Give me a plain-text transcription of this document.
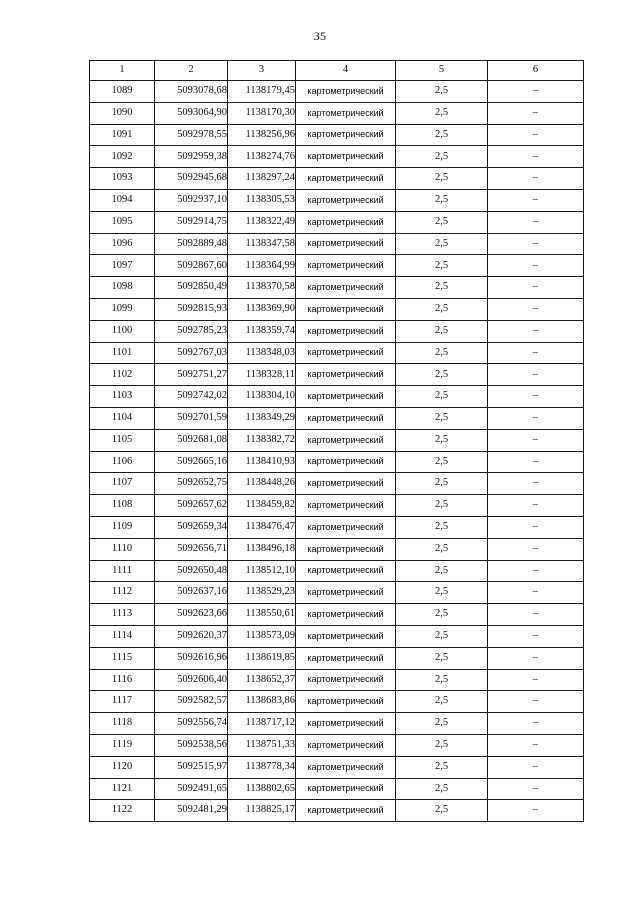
35
1	2	3	4	5	6
1089	5093078,68	1138179,45	картометрический	2,5	–
1090	5093064,90	1138170,30	картометрический	2,5	–
1091	5092978,55	1138256,96	картометрический	2,5	–
1092	5092959,38	1138274,76	картометрический	2,5	–
1093	5092945,68	1138297,24	картометрический	2,5	–
1094	5092937,10	1138305,53	картометрический	2,5	–
1095	5092914,75	1138322,49	картометрический	2,5	–
1096	5092889,48	1138347,58	картометрический	2,5	–
1097	5092867,60	1138364,99	картометрический	2,5	–
1098	5092850,49	1138370,58	картометрический	2,5	–
1099	5092815,93	1138369,90	картометрический	2,5	–
1100	5092785,23	1138359,74	картометрический	2,5	–
1101	5092767,03	1138348,03	картометрический	2,5	–
1102	5092751,27	1138328,11	картометрический	2,5	–
1103	5092742,02	1138304,10	картометрический	2,5	–
1104	5092701,59	1138349,29	картометрический	2,5	–
1105	5092681,08	1138382,72	картометрический	2,5	–
1106	5092665,16	1138410,93	картометрический	2,5	–
1107	5092652,75	1138448,26	картометрический	2,5	–
1108	5092657,62	1138459,82	картометрический	2,5	–
1109	5092659,34	1138476,47	картометрический	2,5	–
1110	5092656,71	1138496,18	картометрический	2,5	–
1111	5092650,48	1138512,10	картометрический	2,5	–
1112	5092637,16	1138529,23	картометрический	2,5	–
1113	5092623,66	1138550,61	картометрический	2,5	–
1114	5092620,37	1138573,09	картометрический	2,5	–
1115	5092616,96	1138619,85	картометрический	2,5	–
1116	5092606,40	1138652,37	картометрический	2,5	–
1117	5092582,57	1138683,86	картометрический	2,5	–
1118	5092556,74	1138717,12	картометрический	2,5	–
1119	5092538,56	1138751,33	картометрический	2,5	–
1120	5092515,97	1138778,34	картометрический	2,5	–
1121	5092491,65	1138802,65	картометрический	2,5	–
1122	5092481,29	1138825,17	картометрический	2,5	–
